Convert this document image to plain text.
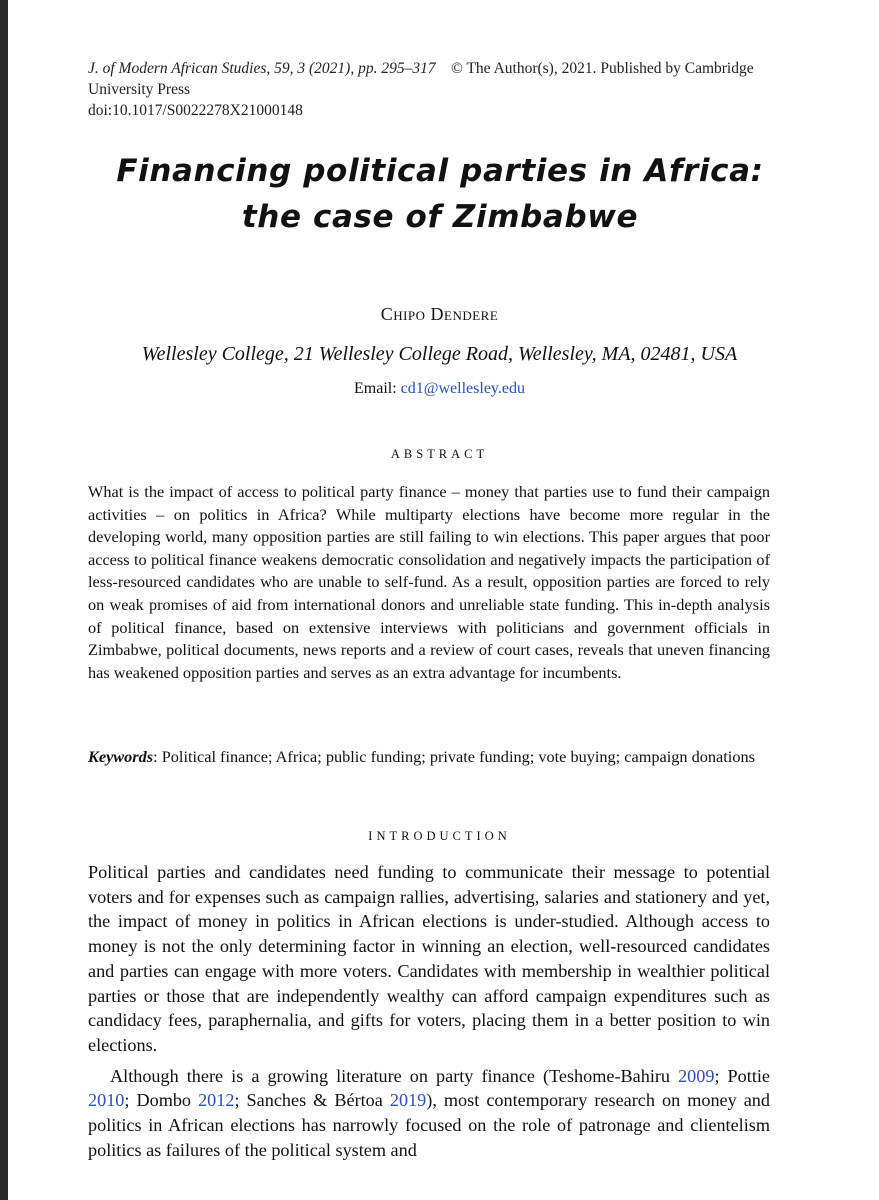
J. of Modern African Studies, 59, 3 (2021), pp. 295–317 © The Author(s), 2021. Published by Cambridge University Press
doi:10.1017/S0022278X21000148
Financing political parties in Africa:
the case of Zimbabwe
Chipo Dendere
Wellesley College, 21 Wellesley College Road, Wellesley, MA, 02481, USA
Email: cd1@wellesley.edu
ABSTRACT
What is the impact of access to political party finance – money that parties use to fund their campaign activities – on politics in Africa? While multiparty elections have become more regular in the developing world, many opposition parties are still failing to win elections. This paper argues that poor access to political finance weakens democratic consolidation and negatively impacts the participation of less-resourced candidates who are unable to self-fund. As a result, opposition parties are forced to rely on weak promises of aid from international donors and unreliable state funding. This in-depth analysis of political finance, based on extensive interviews with politicians and government officials in Zimbabwe, political documents, news reports and a review of court cases, reveals that uneven financing has weakened opposition parties and serves as an extra advantage for incumbents.
Keywords: Political finance; Africa; public funding; private funding; vote buying; campaign donations
INTRODUCTION

Political parties and candidates need funding to communicate their message to potential voters and for expenses such as campaign rallies, advertising, salaries and stationery and yet, the impact of money in politics in African elections is under-studied. Although access to money is not the only determining factor in winning an election, well-resourced candidates and parties can engage with more voters. Candidates with membership in wealthier political parties or those that are independently wealthy can afford campaign expenditures such as candidacy fees, paraphernalia, and gifts for voters, placing them in a better position to win elections.

Although there is a growing literature on party finance (Teshome-Bahiru 2009; Pottie 2010; Dombo 2012; Sanches & Bértoa 2019), most contemporary research on money and politics in African elections has narrowly focused on the role of patronage and clientelism politics as failures of the political system and
